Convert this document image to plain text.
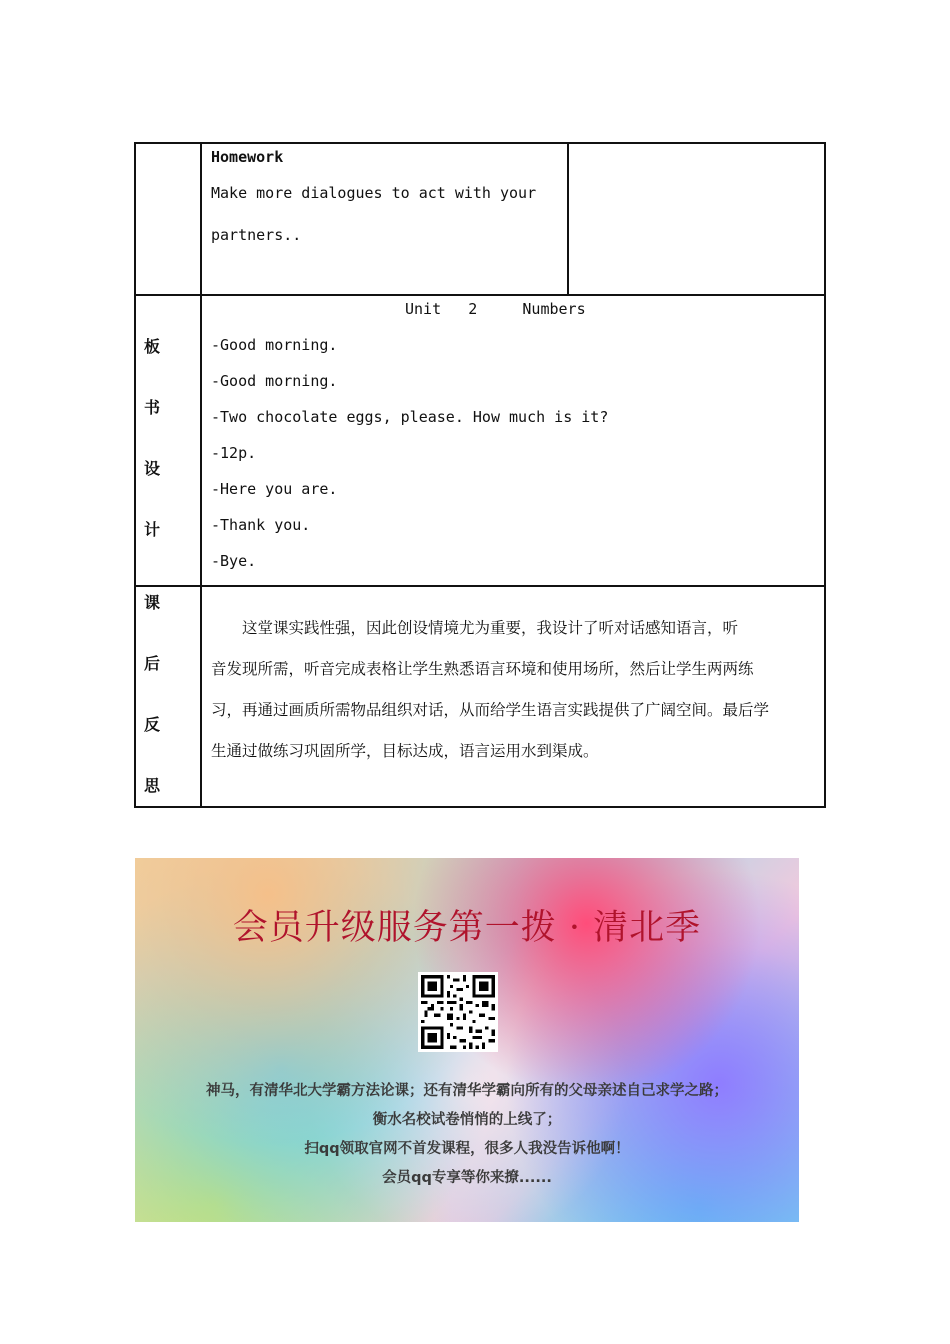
Homework
Make more dialogues to act with your
partners..
板
书
设
计
Unit   2     Numbers
-Good morning.
-Good morning.
-Two chocolate eggs, please. How much is it?
-12p.
-Here you are.
-Thank you.
-Bye.
课
后
反
思
　　这堂课实践性强，因此创设情境尤为重要，我设计了听对话感知语言，听
音发现所需，听音完成表格让学生熟悉语言环境和使用场所，然后让学生两两练
习，再通过画质所需物品组织对话，从而给学生语言实践提供了广阔空间。最后学
生通过做练习巩固所学，目标达成，语言运用水到渠成。
会员升级服务第一拨 · 清北季
神马，有清华北大学霸方法论课；还有清华学霸向所有的父母亲述自己求学之路；
衡水名校试卷悄悄的上线了；
扫qq领取官网不首发课程，很多人我没告诉他啊！
会员qq专享等你来撩......
